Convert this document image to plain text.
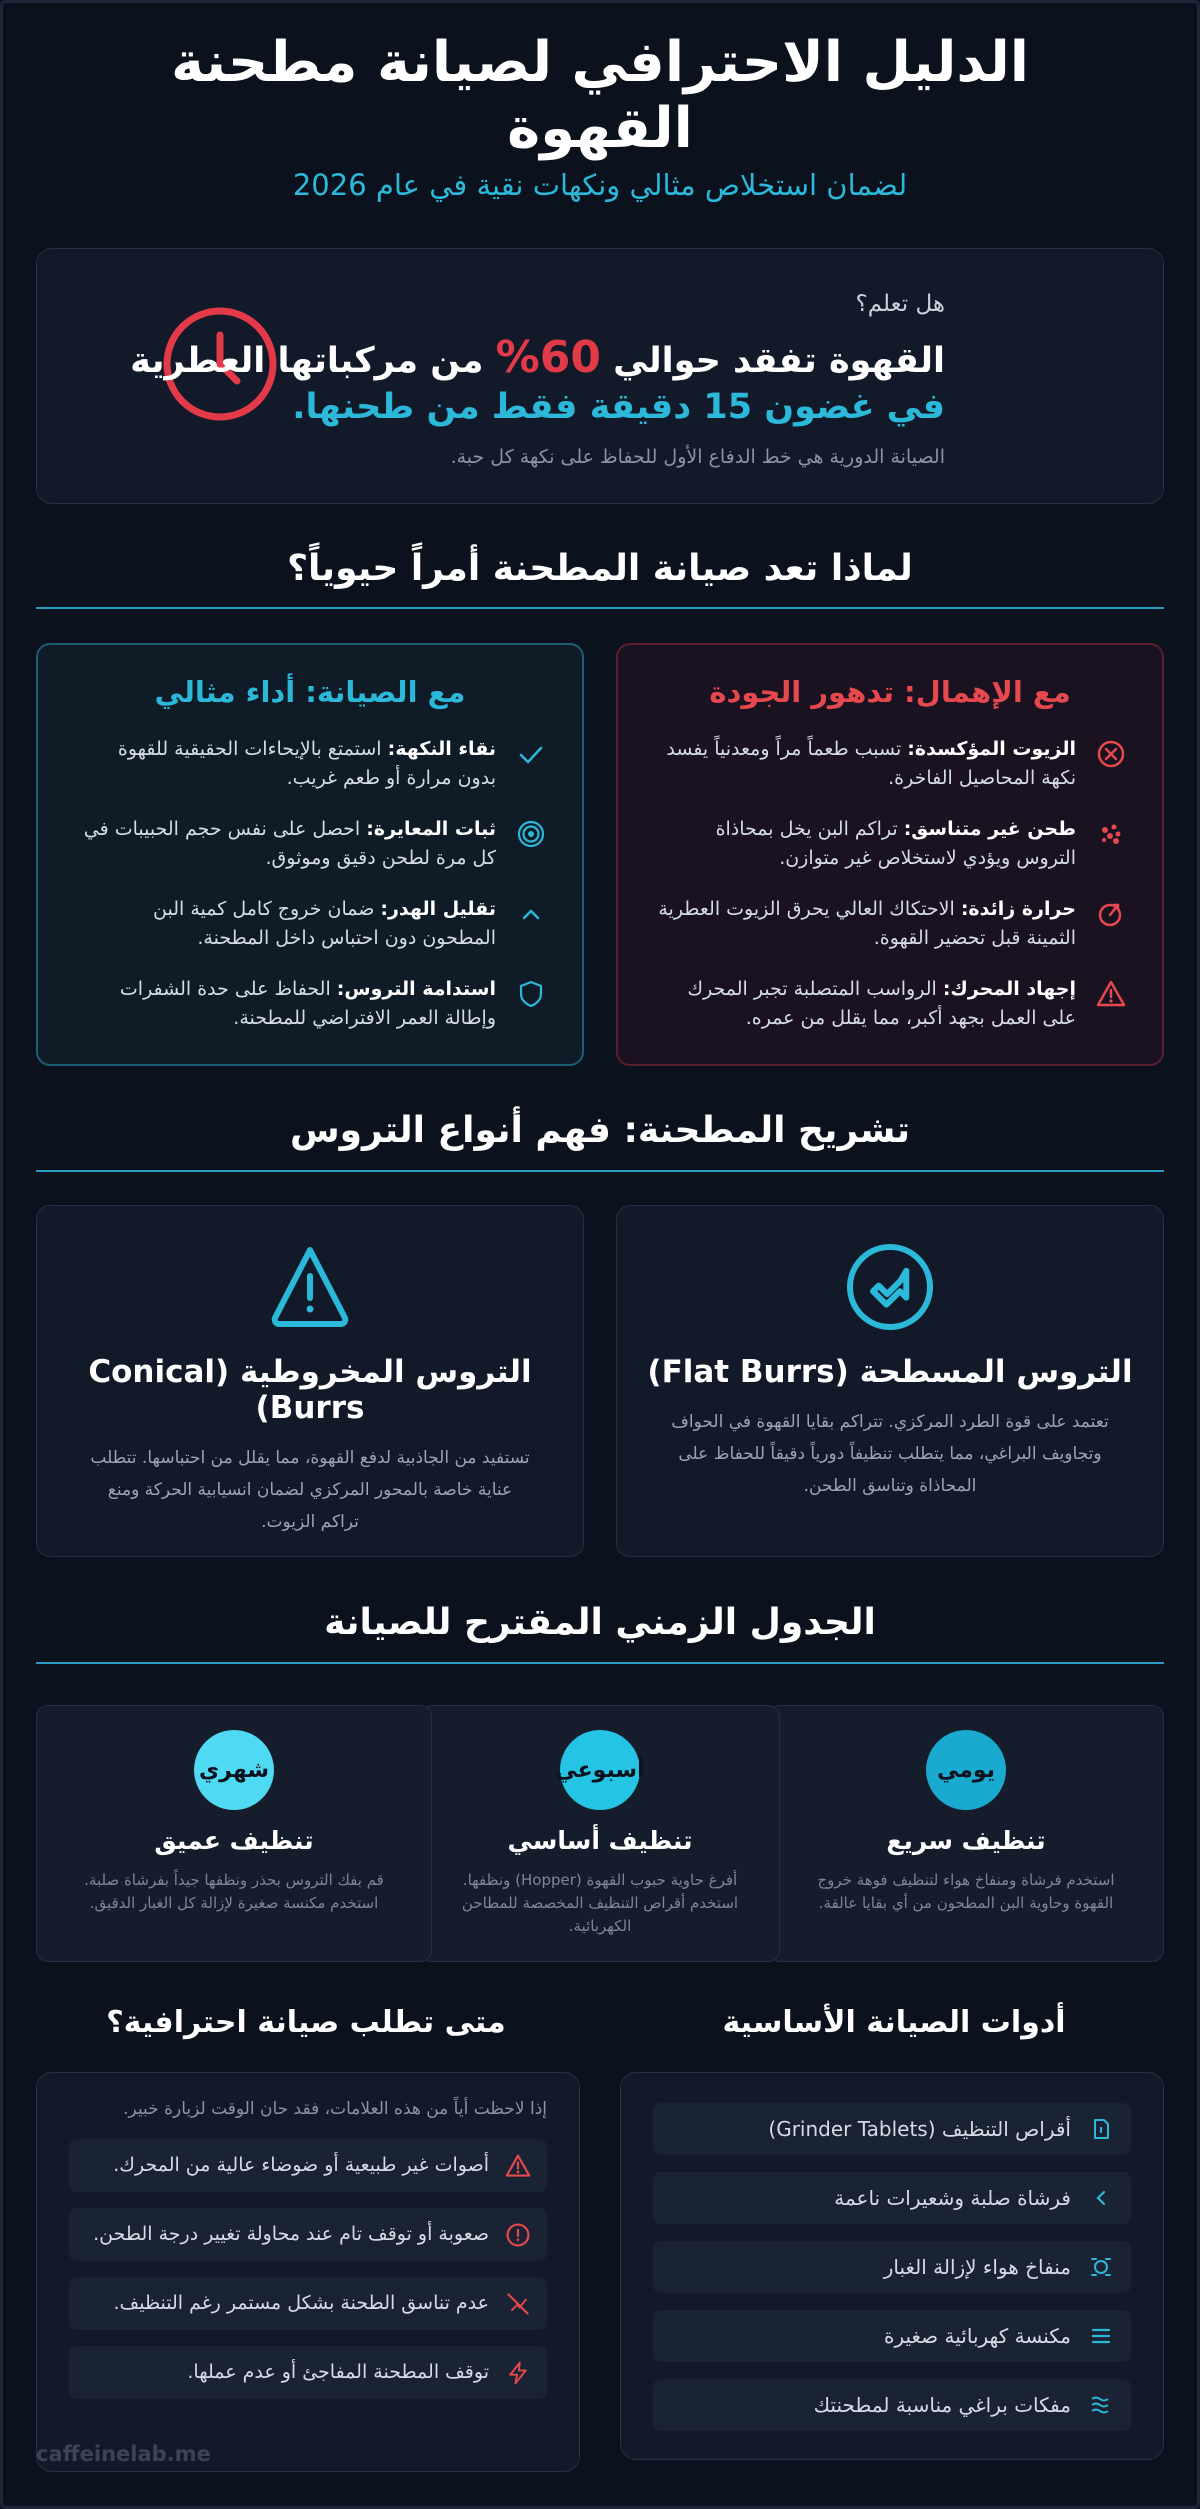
الدليل الاحترافي لصيانة مطحنة القهوة
لضمان استخلاص مثالي ونكهات نقية في عام 2026
هل تعلم؟
القهوة تفقد حوالي 60% من مركباتها العطرية
في غضون 15 دقيقة فقط من طحنها.
الصيانة الدورية هي خط الدفاع الأول للحفاظ على نكهة كل حبة.
لماذا تعد صيانة المطحنة أمراً حيوياً؟
مع الإهمال: تدهور الجودة
الزيوت المؤكسدة: تسبب طعماً مراً ومعدنياً يفسد نكهة المحاصيل الفاخرة.
طحن غير متناسق: تراكم البن يخل بمحاذاة التروس ويؤدي لاستخلاص غير متوازن.
حرارة زائدة: الاحتكاك العالي يحرق الزيوت العطرية الثمينة قبل تحضير القهوة.
إجهاد المحرك: الرواسب المتصلبة تجبر المحرك على العمل بجهد أكبر، مما يقلل من عمره.
مع الصيانة: أداء مثالي
نقاء النكهة: استمتع بالإيحاءات الحقيقية للقهوة بدون مرارة أو طعم غريب.
ثبات المعايرة: احصل على نفس حجم الحبيبات في كل مرة لطحن دقيق وموثوق.
تقليل الهدر: ضمان خروج كامل كمية البن المطحون دون احتباس داخل المطحنة.
استدامة التروس: الحفاظ على حدة الشفرات وإطالة العمر الافتراضي للمطحنة.
تشريح المطحنة: فهم أنواع التروس
التروس المسطحة (Flat Burrs)
تعتمد على قوة الطرد المركزي. تتراكم بقايا القهوة في الحواف وتجاويف البراغي، مما يتطلب تنظيفاً دورياً دقيقاً للحفاظ على المحاذاة وتناسق الطحن.
التروس المخروطية (Conical Burrs)
تستفيد من الجاذبية لدفع القهوة، مما يقلل من احتباسها. تتطلب عناية خاصة بالمحور المركزي لضمان انسيابية الحركة ومنع تراكم الزيوت.
الجدول الزمني المقترح للصيانة
يومي
تنظيف سريع
استخدم فرشاة ومنفاخ هواء لتنظيف فوهة خروج القهوة وحاوية البن المطحون من أي بقايا عالقة.
أسبوعي
تنظيف أساسي
أفرغ حاوية حبوب القهوة (Hopper) ونظفها. استخدم أقراص التنظيف المخصصة للمطاحن الكهربائية.
شهري
تنظيف عميق
قم بفك التروس بحذر ونظفها جيداً بفرشاة صلبة. استخدم مكنسة صغيرة لإزالة كل الغبار الدقيق.
أدوات الصيانة الأساسية
أقراص التنظيف (Grinder Tablets)
فرشاة صلبة وشعيرات ناعمة
منفاخ هواء لإزالة الغبار
مكنسة كهربائية صغيرة
مفكات براغي مناسبة لمطحنتك
متى تطلب صيانة احترافية؟
إذا لاحظت أياً من هذه العلامات، فقد حان الوقت لزيارة خبير.
أصوات غير طبيعية أو ضوضاء عالية من المحرك.
صعوبة أو توقف تام عند محاولة تغيير درجة الطحن.
عدم تناسق الطحنة بشكل مستمر رغم التنظيف.
توقف المطحنة المفاجئ أو عدم عملها.
caffeinelab.me
